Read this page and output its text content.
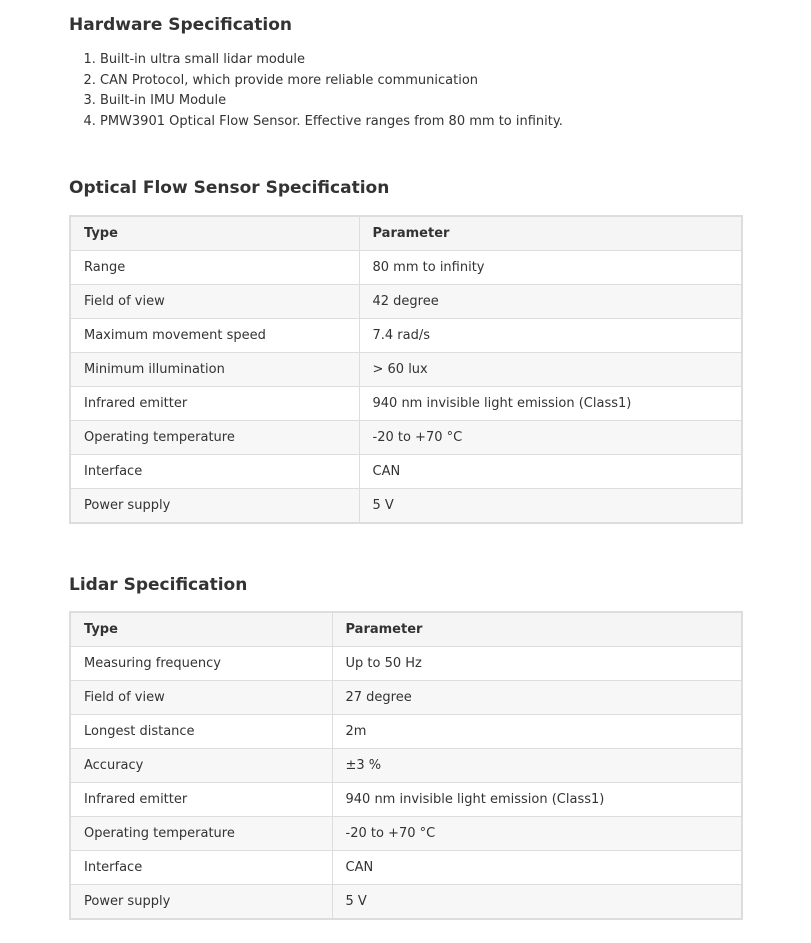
Hardware Specification
1. Built-in ultra small lidar module
2. CAN Protocol, which provide more reliable communication
3. Built-in IMU Module
4. PMW3901 Optical Flow Sensor. Effective ranges from 80 mm to infinity.
Optical Flow Sensor Specification
Type	Parameter
Range	80 mm to infinity
Field of view	42 degree
Maximum movement speed	7.4 rad/s
Minimum illumination	> 60 lux
Infrared emitter	940 nm invisible light emission (Class1)
Operating temperature	-20 to +70 °C
Interface	CAN
Power supply	5 V
Lidar Specification
Type	Parameter
Measuring frequency	Up to 50 Hz
Field of view	27 degree
Longest distance	2m
Accuracy	±3 %
Infrared emitter	940 nm invisible light emission (Class1)
Operating temperature	-20 to +70 °C
Interface	CAN
Power supply	5 V
